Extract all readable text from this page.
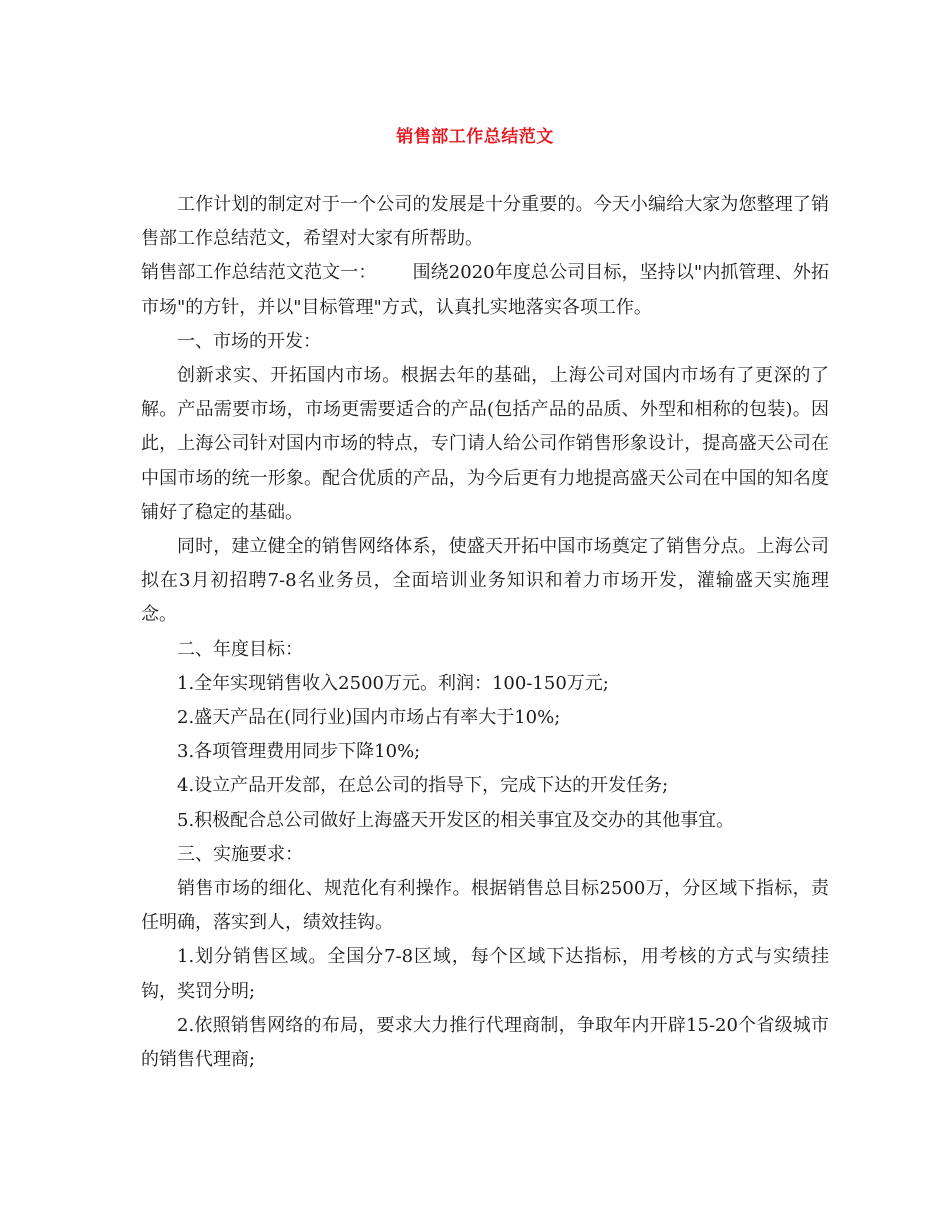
销售部工作总结范文

工作计划的制定对于一个公司的发展是十分重要的。今天小编给大家为您整理了销售部工作总结范文，希望对大家有所帮助。

销售部工作总结范文范文一： 围绕2020年度总公司目标，坚持以"内抓管理、外拓市场"的方针，并以"目标管理"方式，认真扎实地落实各项工作。

一、市场的开发：

创新求实、开拓国内市场。根据去年的基础，上海公司对国内市场有了更深的了解。产品需要市场，市场更需要适合的产品(包括产品的品质、外型和相称的包装)。因此，上海公司针对国内市场的特点，专门请人给公司作销售形象设计，提高盛天公司在中国市场的统一形象。配合优质的产品，为今后更有力地提高盛天公司在中国的知名度铺好了稳定的基础。

同时，建立健全的销售网络体系，使盛天开拓中国市场奠定了销售分点。上海公司拟在3月初招聘7-8名业务员，全面培训业务知识和着力市场开发，灌输盛天实施理念。

二、年度目标：

1.全年实现销售收入2500万元。利润：100-150万元;

2.盛天产品在(同行业)国内市场占有率大于10%;

3.各项管理费用同步下降10%;

4.设立产品开发部，在总公司的指导下，完成下达的开发任务;

5.积极配合总公司做好上海盛天开发区的相关事宜及交办的其他事宜。

三、实施要求：

销售市场的细化、规范化有利操作。根据销售总目标2500万，分区域下指标，责任明确，落实到人，绩效挂钩。

1.划分销售区域。全国分7-8区域，每个区域下达指标，用考核的方式与实绩挂钩，奖罚分明;

2.依照销售网络的布局，要求大力推行代理商制，争取年内开辟15-20个省级城市的销售代理商;
